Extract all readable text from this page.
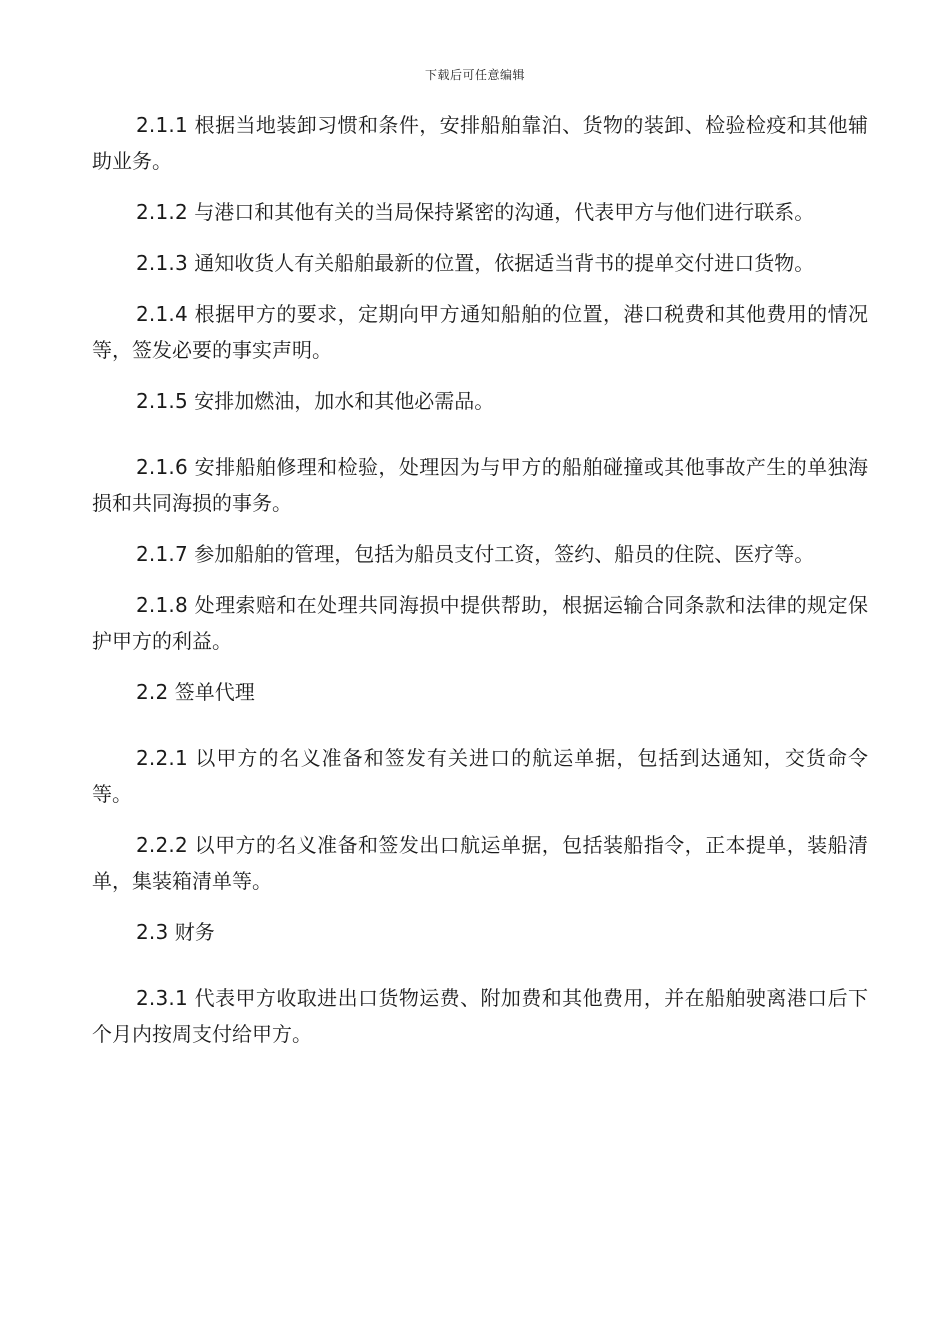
下载后可任意编辑

2.1.1 根据当地装卸习惯和条件，安排船舶靠泊、货物的装卸、检验检疫和其他辅助业务。

2.1.2 与港口和其他有关的当局保持紧密的沟通，代表甲方与他们进行联系。

2.1.3 通知收货人有关船舶最新的位置，依据适当背书的提单交付进口货物。

2.1.4 根据甲方的要求，定期向甲方通知船舶的位置，港口税费和其他费用的情况等，签发必要的事实声明。

2.1.5 安排加燃油，加水和其他必需品。

2.1.6 安排船舶修理和检验，处理因为与甲方的船舶碰撞或其他事故产生的单独海损和共同海损的事务。

2.1.7 参加船舶的管理，包括为船员支付工资，签约、船员的住院、医疗等。

2.1.8 处理索赔和在处理共同海损中提供帮助，根据运输合同条款和法律的规定保护甲方的利益。

2.2 签单代理

2.2.1 以甲方的名义准备和签发有关进口的航运单据，包括到达通知，交货命令等。

2.2.2 以甲方的名义准备和签发出口航运单据，包括装船指令，正本提单，装船清单，集装箱清单等。

2.3 财务

2.3.1 代表甲方收取进出口货物运费、附加费和其他费用，并在船舶驶离港口后下个月内按周支付给甲方。
